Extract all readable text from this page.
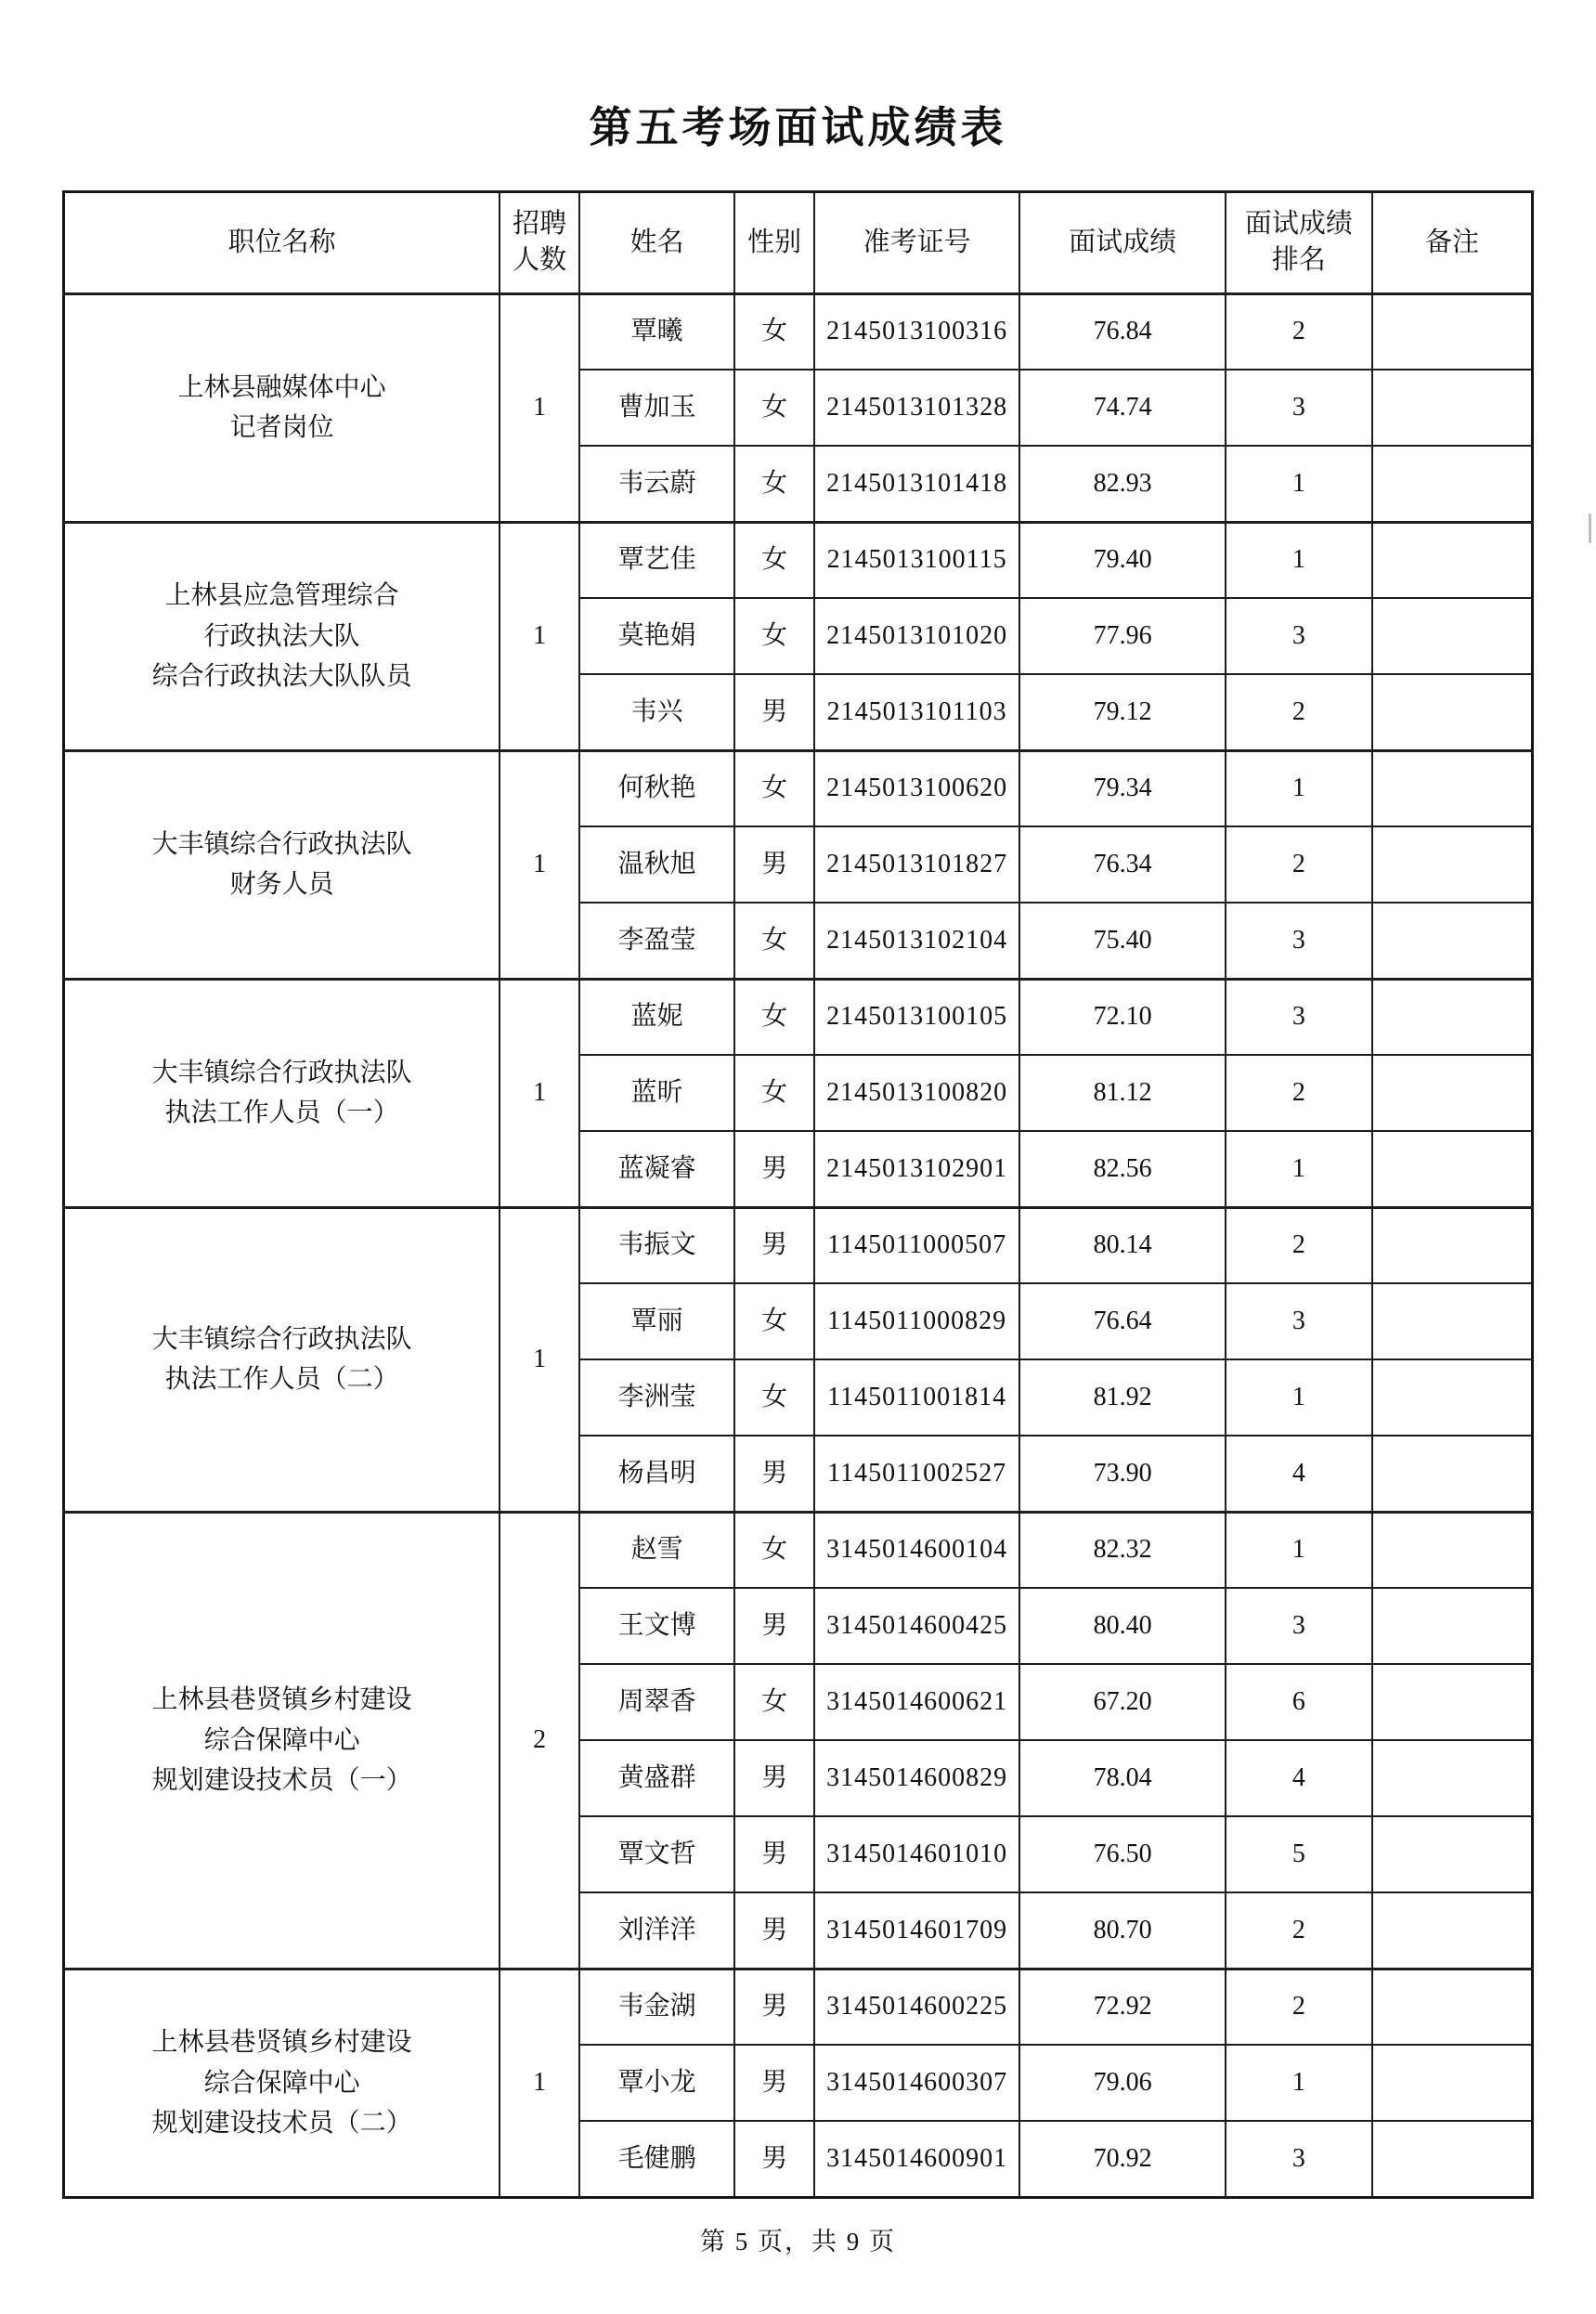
第五考场面试成绩表
职位名称	招聘人数	姓名	性别	准考证号	面试成绩	面试成绩排名	备注

上林县融媒体中心
记者岗位	1	覃曦	女	2145013100316	76.84	2	
		曹加玉	女	2145013101328	74.74	3	
		韦云蔚	女	2145013101418	82.93	1	

上林县应急管理综合
行政执法大队
综合行政执法大队队员	1	覃艺佳	女	2145013100115	79.40	1	
		莫艳娟	女	2145013101020	77.96	3	
		韦兴	男	2145013101103	79.12	2	

大丰镇综合行政执法队
财务人员	1	何秋艳	女	2145013100620	79.34	1	
		温秋旭	男	2145013101827	76.34	2	
		李盈莹	女	2145013102104	75.40	3	

大丰镇综合行政执法队
执法工作人员（一）	1	蓝妮	女	2145013100105	72.10	3	
		蓝昕	女	2145013100820	81.12	2	
		蓝凝睿	男	2145013102901	82.56	1	

大丰镇综合行政执法队
执法工作人员（二）	1	韦振文	男	1145011000507	80.14	2	
		覃丽	女	1145011000829	76.64	3	
		李洲莹	女	1145011001814	81.92	1	
		杨昌明	男	1145011002527	73.90	4	

上林县巷贤镇乡村建设
综合保障中心
规划建设技术员（一）	2	赵雪	女	3145014600104	82.32	1	
		王文博	男	3145014600425	80.40	3	
		周翠香	女	3145014600621	67.20	6	
		黄盛群	男	3145014600829	78.04	4	
		覃文哲	男	3145014601010	76.50	5	
		刘洋洋	男	3145014601709	80.70	2	

上林县巷贤镇乡村建设
综合保障中心
规划建设技术员（二）	1	韦金湖	男	3145014600225	72.92	2	
		覃小龙	男	3145014600307	79.06	1	
		毛健鹏	男	3145014600901	70.92	3	
第 5 页，共 9 页
